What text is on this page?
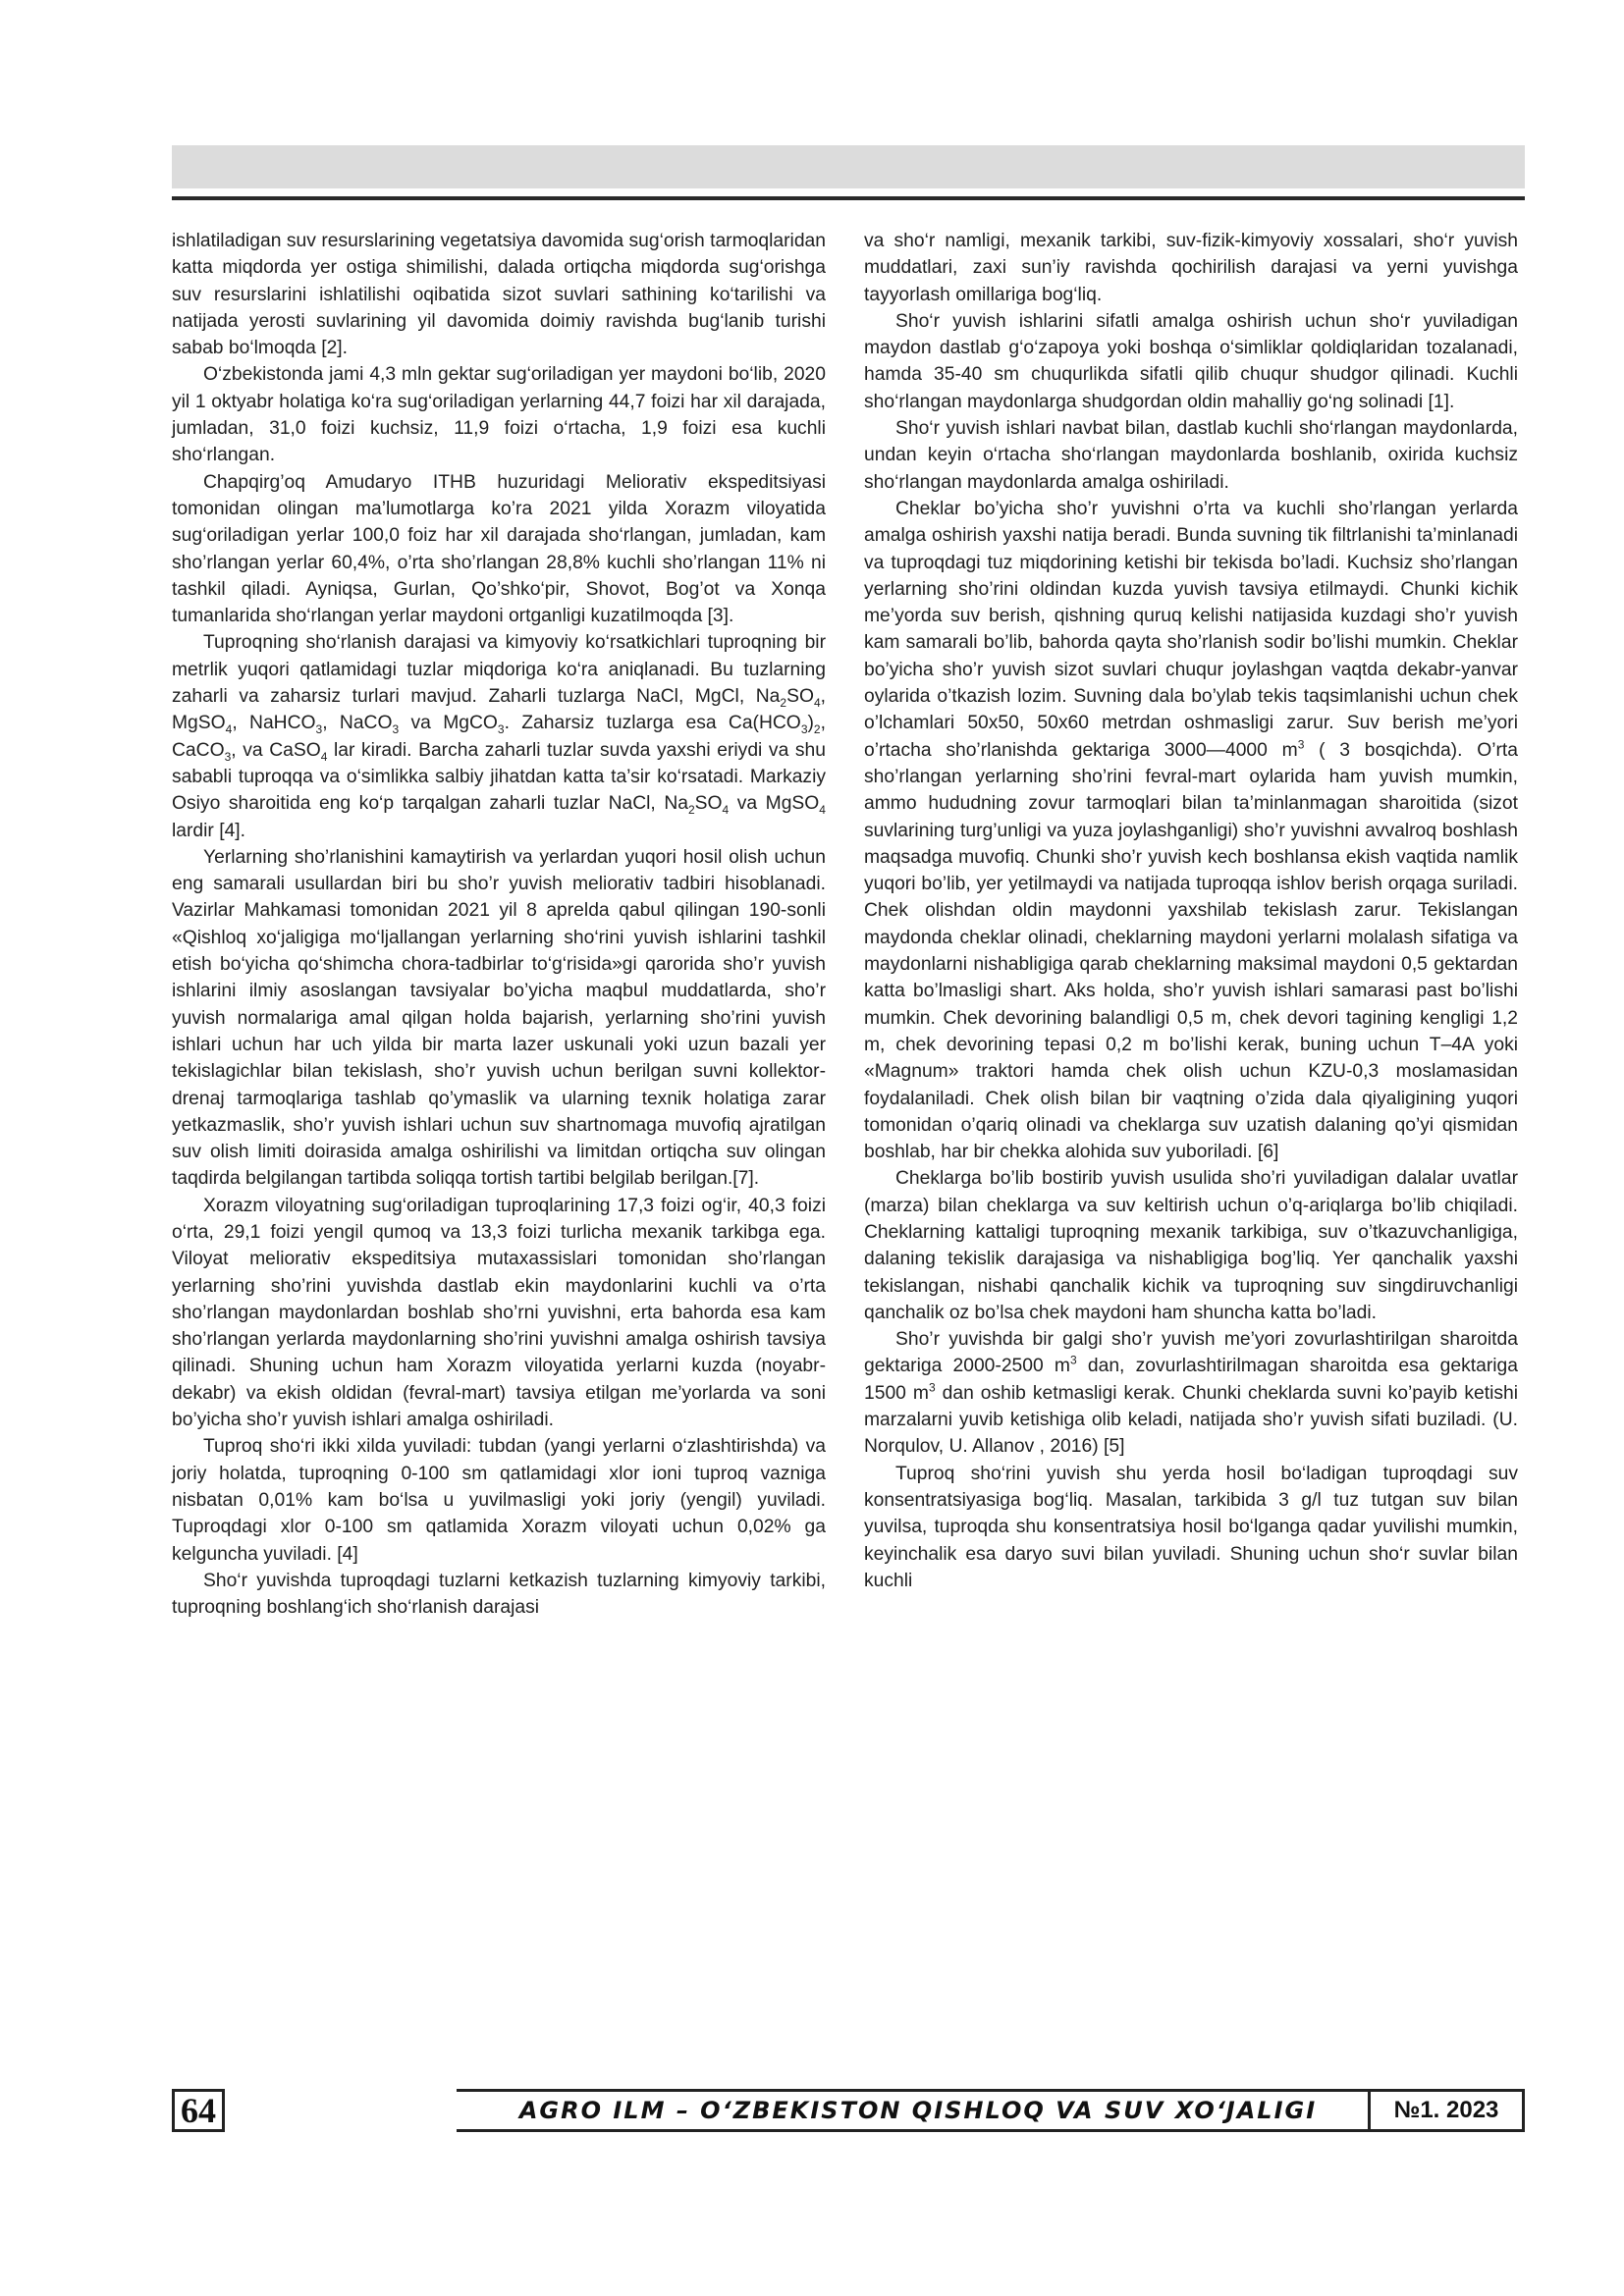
ishlatiladigan suv resurslarining vegetatsiya davomida sug‘orish tarmoqlaridan katta miqdorda yer ostiga shimilishi, dalada ortiqcha miqdorda sug‘orishga suv resurslarini ishlatilishi oqibatida sizot suvlari sathining ko‘tarilishi va natijada yerosti suvlarining yil davomida doimiy ravishda bug‘lanib turishi sabab bo‘lmoqda [2].

O‘zbekistonda jami 4,3 mln gektar sug‘oriladigan yer maydoni bo‘lib, 2020 yil 1 oktyabr holatiga ko‘ra sug‘oriladigan yerlarning 44,7 foizi har xil darajada, jumladan, 31,0 foizi kuchsiz, 11,9 foizi o‘rtacha, 1,9 foizi esa kuchli sho‘rlangan.

Chapqirg’oq Amudaryo ITHB huzuridagi Meliorativ ekspeditsiyasi tomonidan olingan ma’lumotlarga ko’ra 2021 yilda Xorazm viloyatida sug‘oriladigan yerlar 100,0 foiz har xil darajada sho‘rlangan, jumladan, kam sho’rlangan yerlar 60,4%, o’rta sho’rlangan 28,8% kuchli sho’rlangan 11% ni tashkil qiladi. Ayniqsa, Gurlan, Qo’shko‘pir, Shovot, Bog’ot va Xonqa tumanlarida sho‘rlangan yerlar maydoni ortganligi kuzatilmoqda [3].

Tuproqning sho‘rlanish darajasi va kimyoviy ko‘rsatkichlari tuproqning bir metrlik yuqori qatlamidagi tuzlar miqdoriga ko‘ra aniqlanadi. Bu tuzlarning zaharli va zaharsiz turlari mavjud. Zaharli tuzlarga NaCl, MgCl, $Na_2SO_4$, MgSO$_4$, NaHCO$_3$, NaCO$_3$ va MgCO$_3$. Zaharsiz tuzlarga esa $Ca(HCO_3)_2$, CaCO$_3$, va CaSO$_4$ lar kiradi. Barcha zaharli tuzlar suvda yaxshi eriydi va shu sababli tuproqqa va o‘simlikka salbiy jihatdan katta ta’sir ko‘rsatadi. Markaziy Osiyo sharoitida eng ko‘p tarqalgan zaharli tuzlar NaCl, $Na_2SO_4$ va MgSO$_4$ lardir [4].

Yerlarning sho’rlanishini kamaytirish va yerlardan yuqori hosil olish uchun eng samarali usullardan biri bu sho’r yuvish meliorativ tadbiri hisoblanadi. Vazirlar Mahkamasi tomonidan 2021 yil 8 aprelda qabul qilingan 190-sonli «Qishloq xo‘jaligiga mo‘ljallangan yerlarning sho‘rini yuvish ishlarini tashkil etish bo‘yicha qo‘shimcha chora-tadbirlar to‘g‘risida»gi qarorida sho’r yuvish ishlarini ilmiy asoslangan tavsiyalar bo’yicha maqbul muddatlarda, sho’r yuvish normalariga amal qilgan holda bajarish, yerlarning sho’rini yuvish ishlari uchun har uch yilda bir marta lazer uskunali yoki uzun bazali yer tekislagichlar bilan tekislash, sho’r yuvish uchun berilgan suvni kollektor-drenaj tarmoqlariga tashlab qo’ymaslik va ularning texnik holatiga zarar yetkazmaslik, sho’r yuvish ishlari uchun suv shartnomaga muvofiq ajratilgan suv olish limiti doirasida amalga oshirilishi va limitdan ortiqcha suv olingan taqdirda belgilangan tartibda soliqqa tortish tartibi belgilab berilgan.[7].

Xorazm viloyatning sug‘oriladigan tuproqlarining 17,3 foizi og‘ir, 40,3 foizi o‘rta, 29,1 foizi yengil qumoq va 13,3 foizi turlicha mexanik tarkibga ega. Viloyat meliorativ ekspeditsiya mutaxassislari tomonidan sho’rlangan yerlarning sho’rini yuvishda dastlab ekin maydonlarini kuchli va o’rta sho’rlangan maydonlardan boshlab sho’rni yuvishni, erta bahorda esa kam sho’rlangan yerlarda maydonlarning sho’rini yuvishni amalga oshirish tavsiya qilinadi. Shuning uchun ham Xorazm viloyatida yerlarni kuzda (noyabr-dekabr) va ekish oldidan (fevral-mart) tavsiya etilgan me’yorlarda va soni bo’yicha sho’r yuvish ishlari amalga oshiriladi.

Tuproq sho‘ri ikki xilda yuviladi: tubdan (yangi yerlarni o‘zlashtirishda) va joriy holatda, tuproqning 0-100 sm qatlamidagi xlor ioni tuproq vazniga nisbatan 0,01% kam bo‘lsa u yuvilmasligi yoki joriy (yengil) yuviladi. Tuproqdagi xlor 0-100 sm qatlamida Xorazm viloyati uchun 0,02% ga kelguncha yuviladi. [4]

Sho‘r yuvishda tuproqdagi tuzlarni ketkazish tuzlarning kimyoviy tarkibi, tuproqning boshlang‘ich sho‘rlanish darajasi

va sho‘r namligi, mexanik tarkibi, suv-fizik-kimyoviy xossalari, sho‘r yuvish muddatlari, zaxi sun’iy ravishda qochirilish darajasi va yerni yuvishga tayyorlash omillariga bog‘liq.

Sho‘r yuvish ishlarini sifatli amalga oshirish uchun sho‘r yuviladigan maydon dastlab g‘o‘zapoya yoki boshqa o‘simliklar qoldiqlaridan tozalanadi, hamda 35-40 sm chuqurlikda sifatli qilib chuqur shudgor qilinadi. Kuchli sho‘rlangan maydonlarga shudgordan oldin mahalliy go‘ng solinadi [1].

Sho‘r yuvish ishlari navbat bilan, dastlab kuchli sho‘rlangan maydonlarda, undan keyin o‘rtacha sho‘rlangan maydonlarda boshlanib, oxirida kuchsiz sho‘rlangan maydonlarda amalga oshiriladi.

Cheklar bo’yicha sho’r yuvishni o’rta va kuchli sho’rlangan yerlarda amalga oshirish yaxshi natija beradi. Bunda suvning tik filtrlanishi ta’minlanadi va tuproqdagi tuz miqdorining ketishi bir tekisda bo’ladi. Kuchsiz sho’rlangan yerlarning sho’rini oldindan kuzda yuvish tavsiya etilmaydi. Chunki kichik me’yorda suv berish, qishning quruq kelishi natijasida kuzdagi sho’r yuvish kam samarali bo’lib, bahorda qayta sho’rlanish sodir bo’lishi mumkin. Cheklar bo’yicha sho’r yuvish sizot suvlari chuqur joylashgan vaqtda dekabr-yanvar oylarida o’tkazish lozim. Suvning dala bo’ylab tekis taqsimlanishi uchun chek o’lchamlari 50x50, 50x60 metrdan oshmasligi zarur. Suv berish me’yori o’rtacha sho’rlanishda gektariga 3000—4000 $m^3$ ( 3 bosqichda). O’rta sho’rlangan yerlarning sho’rini fevral-mart oylarida ham yuvish mumkin, ammo hududning zovur tarmoqlari bilan ta’minlanmagan sharoitida (sizot suvlarining turg’unligi va yuza joylashganligi) sho’r yuvishni avvalroq boshlash maqsadga muvofiq. Chunki sho’r yuvish kech boshlansa ekish vaqtida namlik yuqori bo’lib, yer yetilmaydi va natijada tuproqqa ishlov berish orqaga suriladi. Chek olishdan oldin maydonni yaxshilab tekislash zarur. Tekislangan maydonda cheklar olinadi, cheklarning maydoni yerlarni molalash sifatiga va maydonlarni nishabligiga qarab cheklarning maksimal maydoni 0,5 gektardan katta bo’lmasligi shart. Aks holda, sho’r yuvish ishlari samarasi past bo’lishi mumkin. Chek devorining balandligi 0,5 m, chek devori tagining kengligi 1,2 m, chek devorining tepasi 0,2 m bo’lishi kerak, buning uchun T–4A yoki «Magnum» traktori hamda chek olish uchun KZU-0,3 moslamasidan foydalaniladi. Chek olish bilan bir vaqtning o’zida dala qiyaligining yuqori tomonidan o’qariq olinadi va cheklarga suv uzatish dalaning qo’yi qismidan boshlab, har bir chekka alohida suv yuboriladi. [6]

Cheklarga bo’lib bostirib yuvish usulida sho’ri yuviladigan dalalar uvatlar (marza) bilan cheklarga va suv keltirish uchun o’q-ariqlarga bo’lib chiqiladi. Cheklarning kattaligi tuproqning mexanik tarkibiga, suv o’tkazuvchanligiga, dalaning tekislik darajasiga va nishabligiga bog’liq. Yer qanchalik yaxshi tekislangan, nishabi qanchalik kichik va tuproqning suv singdiruvchanligi qanchalik oz bo’lsa chek maydoni ham shuncha katta bo’ladi.

Sho’r yuvishda bir galgi sho’r yuvish me’yori zovurlashtirilgan sharoitda gektariga 2000-2500 $m^3$ dan, zovurlashtirilmagan sharoitda esa gektariga 1500 $m^3$ dan oshib ketmasligi kerak. Chunki cheklarda suvni ko’payib ketishi marzalarni yuvib ketishiga olib keladi, natijada sho’r yuvish sifati buziladi. (U. Norqulov, U. Allanov , 2016) [5]

Tuproq sho‘rini yuvish shu yerda hosil bo‘ladigan tuproqdagi suv konsentratsiyasiga bog‘liq. Masalan, tarkibida 3 g/l tuz tutgan suv bilan yuvilsa, tuproqda shu konsentratsiya hosil bo‘lganga qadar yuvilishi mumkin, keyinchalik esa daryo suvi bilan yuviladi. Shuning uchun sho‘r suvlar bilan kuchli

64	AGRO ILM – O‘ZBEKISTON QISHLOQ VA SUV XO‘JALIGI	№1. 2023
